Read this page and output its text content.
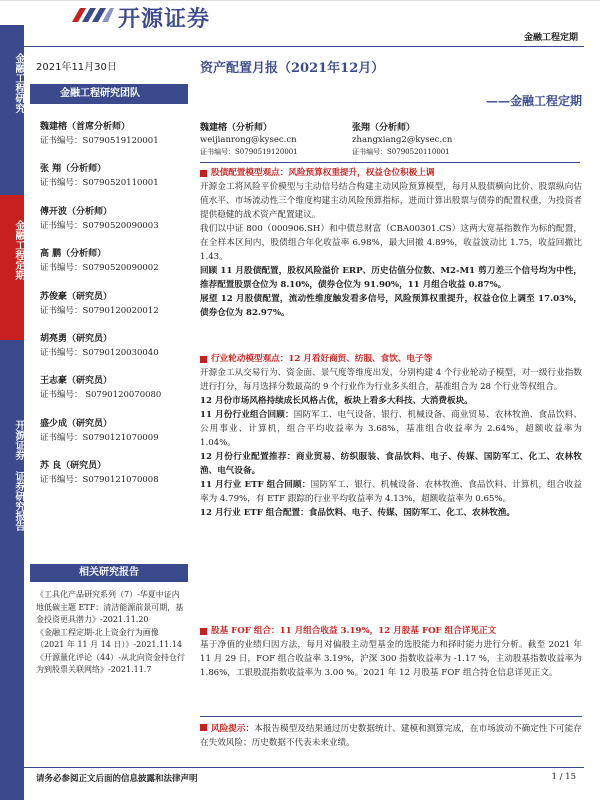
开源证券
金融工程定期
金融工程研究
金融工程定期
开源证券 证券研究报告
2021年11月30日	资产配置月报（2021年12月）
——金融工程定期
金融工程研究团队
魏建榕（首席分析师）
证书编号：S0790519120001
张 翔（分析师）
证书编号：S0790520110001
傅开波（分析师）
证书编号：S0790520090003
高 鹏（分析师）
证书编号：S0790520090002
苏俊豪（研究员）
证书编号：S0790120020012
胡亮勇（研究员）
证书编号：S0790120030040
王志豪（研究员）
证书编号： S0790120070080
盛少成（研究员）
证书编号：S0790121070009
苏 良（研究员）
证书编号：S0790121070008
相关研究报告

《工具化产品研究系列（7）-华夏中证内地低碳主题 ETF：清洁能源前景可期，基金投资更具潜力》-2021.11.20

《金融工程定期-北上资金行为画像（2021 年 11 月 14 日）》-2021.11.14

《开源量化评论（44）-从北向资金持仓行为到股票关联网络》-2021.11.7

魏建榕（分析师）
weijianrong@kysec.cn
证书编号：S0790519120001
张翔（分析师）
zhangxiang2@kysec.cn
证书编号：S0790520110001
股债配置模型观点：风险预算权重提升，权益仓位积极上调

开源金工将风险平价模型与主动信号结合构建主动风险预算模型，每月从股债横向比价、股票纵向估值水平、市场流动性三个维度构建主动风险预算指标，进而计算出股票与债券的配置权重，为投资者提供稳健的战术资产配置建议。

我们以中证 800（000906.SH）和中债总财富（CBA00301.CS）这两大宽基指数作为标的配置，在全样本区间内，股债组合年化收益率 6.98%，最大回撤 4.89%，收益波动比 1.75，收益回撤比 1.43。

回顾 11 月股债配置，股权风险溢价 ERP、历史估值分位数、M2-M1 剪刀差三个信号均为中性，推荐配置股票仓位为 8.10%，债券仓位为 91.90%，11 月组合收益 0.87%。

展望 12 月股债配置，流动性维度触发看多信号，风险预算权重提升，权益仓位上调至 17.03%，债券仓位为 82.97%。

行业轮动模型观点：12 月看好商贸、纺服、食饮、电子等

开源金工从交易行为、资金面、景气度等维度出发，分别构建 4 个行业轮动子模型，对一级行业指数进行打分，每月选择分数最高的 9 个行业作为行业多头组合，基准组合为 28 个行业等权组合。

12 月份市场风格持续成长风格占优，板块上看多大科技、大消费板块。

11 月份行业组合回顾：国防军工、电气设备、银行、机械设备、商业贸易、农林牧渔、食品饮料、公用事业、计算机，组合平均收益率为 3.68%，基准组合收益率为 2.64%，超额收益率为 1.04%。

12 月份行业配置推荐：商业贸易、纺织服装、食品饮料、电子、传媒、国防军工、化工、农林牧渔、电气设备。

11 月行业 ETF 组合回顾：国防军工、银行、机械设备、农林牧渔、食品饮料、计算机，组合收益率为 4.79%，有 ETF 跟踪的行业平均收益率为 4.13%，超额收益率为 0.65%。

12 月行业 ETF 组合配置：食品饮料、电子、传媒、国防军工、化工、农林牧渔。

股基 FOF 组合：11 月组合收益 3.19%，12 月股基 FOF 组合详见正文

基于净值的业绩归因方法，每月对偏股主动型基金的选股能力和择时能力进行分析。截至 2021 年 11 月 29 日，FOF 组合收益率 3.19%，沪深 300 指数收益率为 -1.17 %，主动股基指数收益率为 1.86%，工银股混指数收益率为 3.00 %。2021 年 12 月股基 FOF 组合持仓信息详见正文。

风险提示：本报告模型及结果通过历史数据统计、建模和测算完成，在市场波动不确定性下可能存在失效风险；历史数据不代表未来业绩。

请务必参阅正文后面的信息披露和法律声明	1 / 15
